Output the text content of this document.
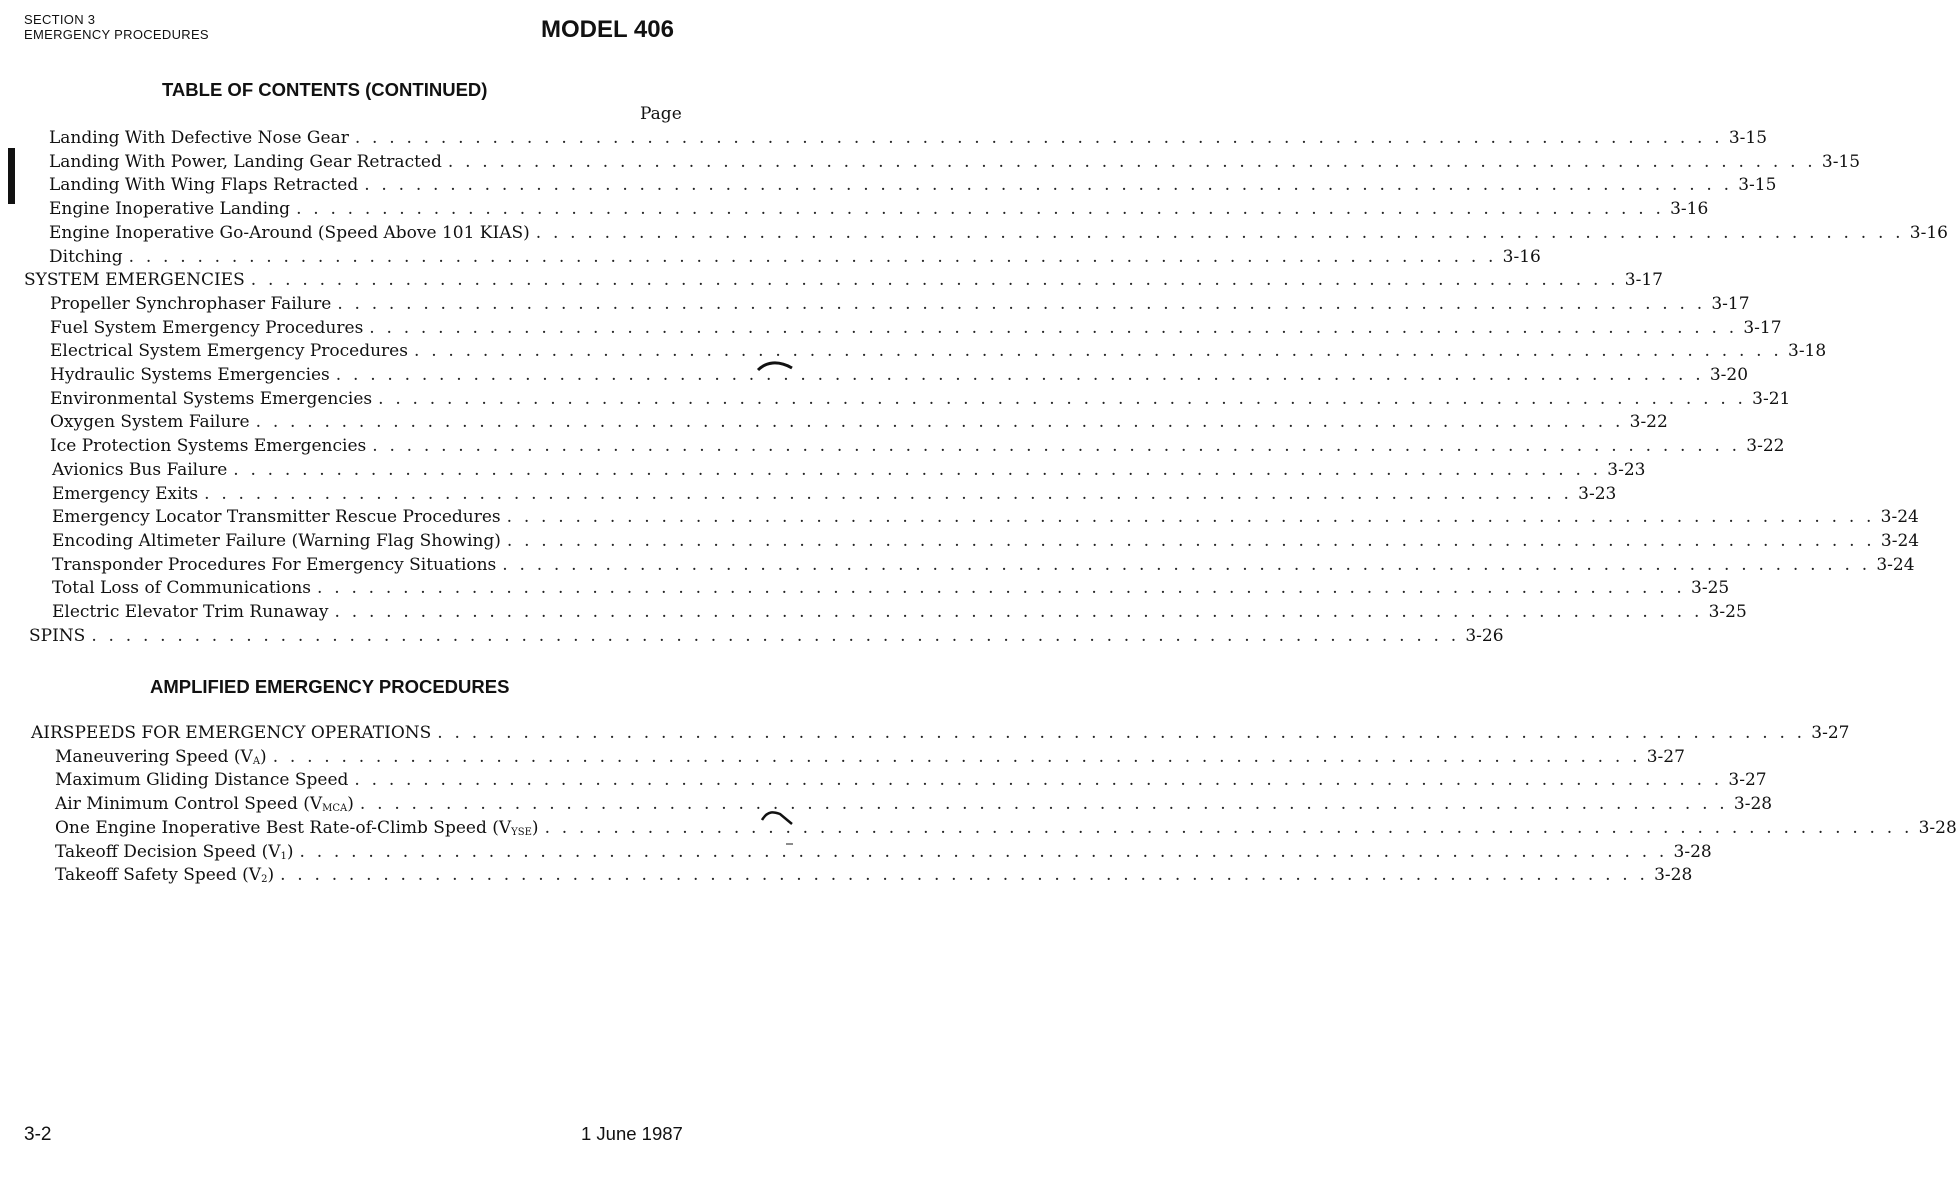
SECTION 3
EMERGENCY PROCEDURES	MODEL 406
TABLE OF CONTENTS (CONTINUED)
Page
Landing With Defective Nose Gear . . . . . . . . . . . . . . . . . . . . . . . . . . . . . . . . . . . . . . . . . . . . . . . . . . . . . . . . . . . . . . . . . . . . . . . . . . . . . . . . 3-15
Landing With Power, Landing Gear Retracted . . . . . . . . . . . . . . . . . . . . . . . . . . . . . . . . . . . . . . . . . . . . . . . . . . . . . . . . . . . . . . . . . . . . . . . . . . . . . . . . 3-15
Landing With Wing Flaps Retracted . . . . . . . . . . . . . . . . . . . . . . . . . . . . . . . . . . . . . . . . . . . . . . . . . . . . . . . . . . . . . . . . . . . . . . . . . . . . . . . . 3-15
Engine Inoperative Landing . . . . . . . . . . . . . . . . . . . . . . . . . . . . . . . . . . . . . . . . . . . . . . . . . . . . . . . . . . . . . . . . . . . . . . . . . . . . . . . . 3-16
Engine Inoperative Go-Around (Speed Above 101 KIAS) . . . . . . . . . . . . . . . . . . . . . . . . . . . . . . . . . . . . . . . . . . . . . . . . . . . . . . . . . . . . . . . . . . . . . . . . . . . . . . . . 3-16
Ditching . . . . . . . . . . . . . . . . . . . . . . . . . . . . . . . . . . . . . . . . . . . . . . . . . . . . . . . . . . . . . . . . . . . . . . . . . . . . . . . . 3-16
SYSTEM EMERGENCIES . . . . . . . . . . . . . . . . . . . . . . . . . . . . . . . . . . . . . . . . . . . . . . . . . . . . . . . . . . . . . . . . . . . . . . . . . . . . . . . . 3-17
Propeller Synchrophaser Failure . . . . . . . . . . . . . . . . . . . . . . . . . . . . . . . . . . . . . . . . . . . . . . . . . . . . . . . . . . . . . . . . . . . . . . . . . . . . . . . . 3-17
Fuel System Emergency Procedures . . . . . . . . . . . . . . . . . . . . . . . . . . . . . . . . . . . . . . . . . . . . . . . . . . . . . . . . . . . . . . . . . . . . . . . . . . . . . . . . 3-17
Electrical System Emergency Procedures . . . . . . . . . . . . . . . . . . . . . . . . . . . . . . . . . . . . . . . . . . . . . . . . . . . . . . . . . . . . . . . . . . . . . . . . . . . . . . . . 3-18
Hydraulic Systems Emergencies . . . . . . . . . . . . . . . . . . . . . . . . . . . . . . . . . . . . . . . . . . . . . . . . . . . . . . . . . . . . . . . . . . . . . . . . . . . . . . . . 3-20
Environmental Systems Emergencies . . . . . . . . . . . . . . . . . . . . . . . . . . . . . . . . . . . . . . . . . . . . . . . . . . . . . . . . . . . . . . . . . . . . . . . . . . . . . . . . 3-21
Oxygen System Failure . . . . . . . . . . . . . . . . . . . . . . . . . . . . . . . . . . . . . . . . . . . . . . . . . . . . . . . . . . . . . . . . . . . . . . . . . . . . . . . . 3-22
Ice Protection Systems Emergencies . . . . . . . . . . . . . . . . . . . . . . . . . . . . . . . . . . . . . . . . . . . . . . . . . . . . . . . . . . . . . . . . . . . . . . . . . . . . . . . . 3-22
Avionics Bus Failure . . . . . . . . . . . . . . . . . . . . . . . . . . . . . . . . . . . . . . . . . . . . . . . . . . . . . . . . . . . . . . . . . . . . . . . . . . . . . . . . 3-23
Emergency Exits . . . . . . . . . . . . . . . . . . . . . . . . . . . . . . . . . . . . . . . . . . . . . . . . . . . . . . . . . . . . . . . . . . . . . . . . . . . . . . . . 3-23
Emergency Locator Transmitter Rescue Procedures . . . . . . . . . . . . . . . . . . . . . . . . . . . . . . . . . . . . . . . . . . . . . . . . . . . . . . . . . . . . . . . . . . . . . . . . . . . . . . . . 3-24
Encoding Altimeter Failure (Warning Flag Showing) . . . . . . . . . . . . . . . . . . . . . . . . . . . . . . . . . . . . . . . . . . . . . . . . . . . . . . . . . . . . . . . . . . . . . . . . . . . . . . . . 3-24
Transponder Procedures For Emergency Situations . . . . . . . . . . . . . . . . . . . . . . . . . . . . . . . . . . . . . . . . . . . . . . . . . . . . . . . . . . . . . . . . . . . . . . . . . . . . . . . . 3-24
Total Loss of Communications . . . . . . . . . . . . . . . . . . . . . . . . . . . . . . . . . . . . . . . . . . . . . . . . . . . . . . . . . . . . . . . . . . . . . . . . . . . . . . . . 3-25
Electric Elevator Trim Runaway . . . . . . . . . . . . . . . . . . . . . . . . . . . . . . . . . . . . . . . . . . . . . . . . . . . . . . . . . . . . . . . . . . . . . . . . . . . . . . . . 3-25
SPINS . . . . . . . . . . . . . . . . . . . . . . . . . . . . . . . . . . . . . . . . . . . . . . . . . . . . . . . . . . . . . . . . . . . . . . . . . . . . . . . . 3-26
AMPLIFIED EMERGENCY PROCEDURES
AIRSPEEDS FOR EMERGENCY OPERATIONS . . . . . . . . . . . . . . . . . . . . . . . . . . . . . . . . . . . . . . . . . . . . . . . . . . . . . . . . . . . . . . . . . . . . . . . . . . . . . . . . 3-27
Maneuvering Speed $(V_A)$ . . . . . . . . . . . . . . . . . . . . . . . . . . . . . . . . . . . . . . . . . . . . . . . . . . . . . . . . . . . . . . . . . . . . . . . . . . . . . . . . 3-27
Maximum Gliding Distance Speed . . . . . . . . . . . . . . . . . . . . . . . . . . . . . . . . . . . . . . . . . . . . . . . . . . . . . . . . . . . . . . . . . . . . . . . . . . . . . . . . 3-27
Air Minimum Control Speed $(V_{MCA})$ . . . . . . . . . . . . . . . . . . . . . . . . . . . . . . . . . . . . . . . . . . . . . . . . . . . . . . . . . . . . . . . . . . . . . . . . . . . . . . . . 3-28
One Engine Inoperative Best Rate-of-Climb Speed $(V_{YSE})$ . . . . . . . . . . . . . . . . . . . . . . . . . . . . . . . . . . . . . . . . . . . . . . . . . . . . . . . . . . . . . . . . . . . . . . . . . . . . . . . . 3-28
Takeoff Decision Speed $(V_1)$ . . . . . . . . . . . . . . . . . . . . . . . . . . . . . . . . . . . . . . . . . . . . . . . . . . . . . . . . . . . . . . . . . . . . . . . . . . . . . . . . 3-28
Takeoff Safety Speed $(V_2)$ . . . . . . . . . . . . . . . . . . . . . . . . . . . . . . . . . . . . . . . . . . . . . . . . . . . . . . . . . . . . . . . . . . . . . . . . . . . . . . . . 3-28
3-2	1 June 1987
